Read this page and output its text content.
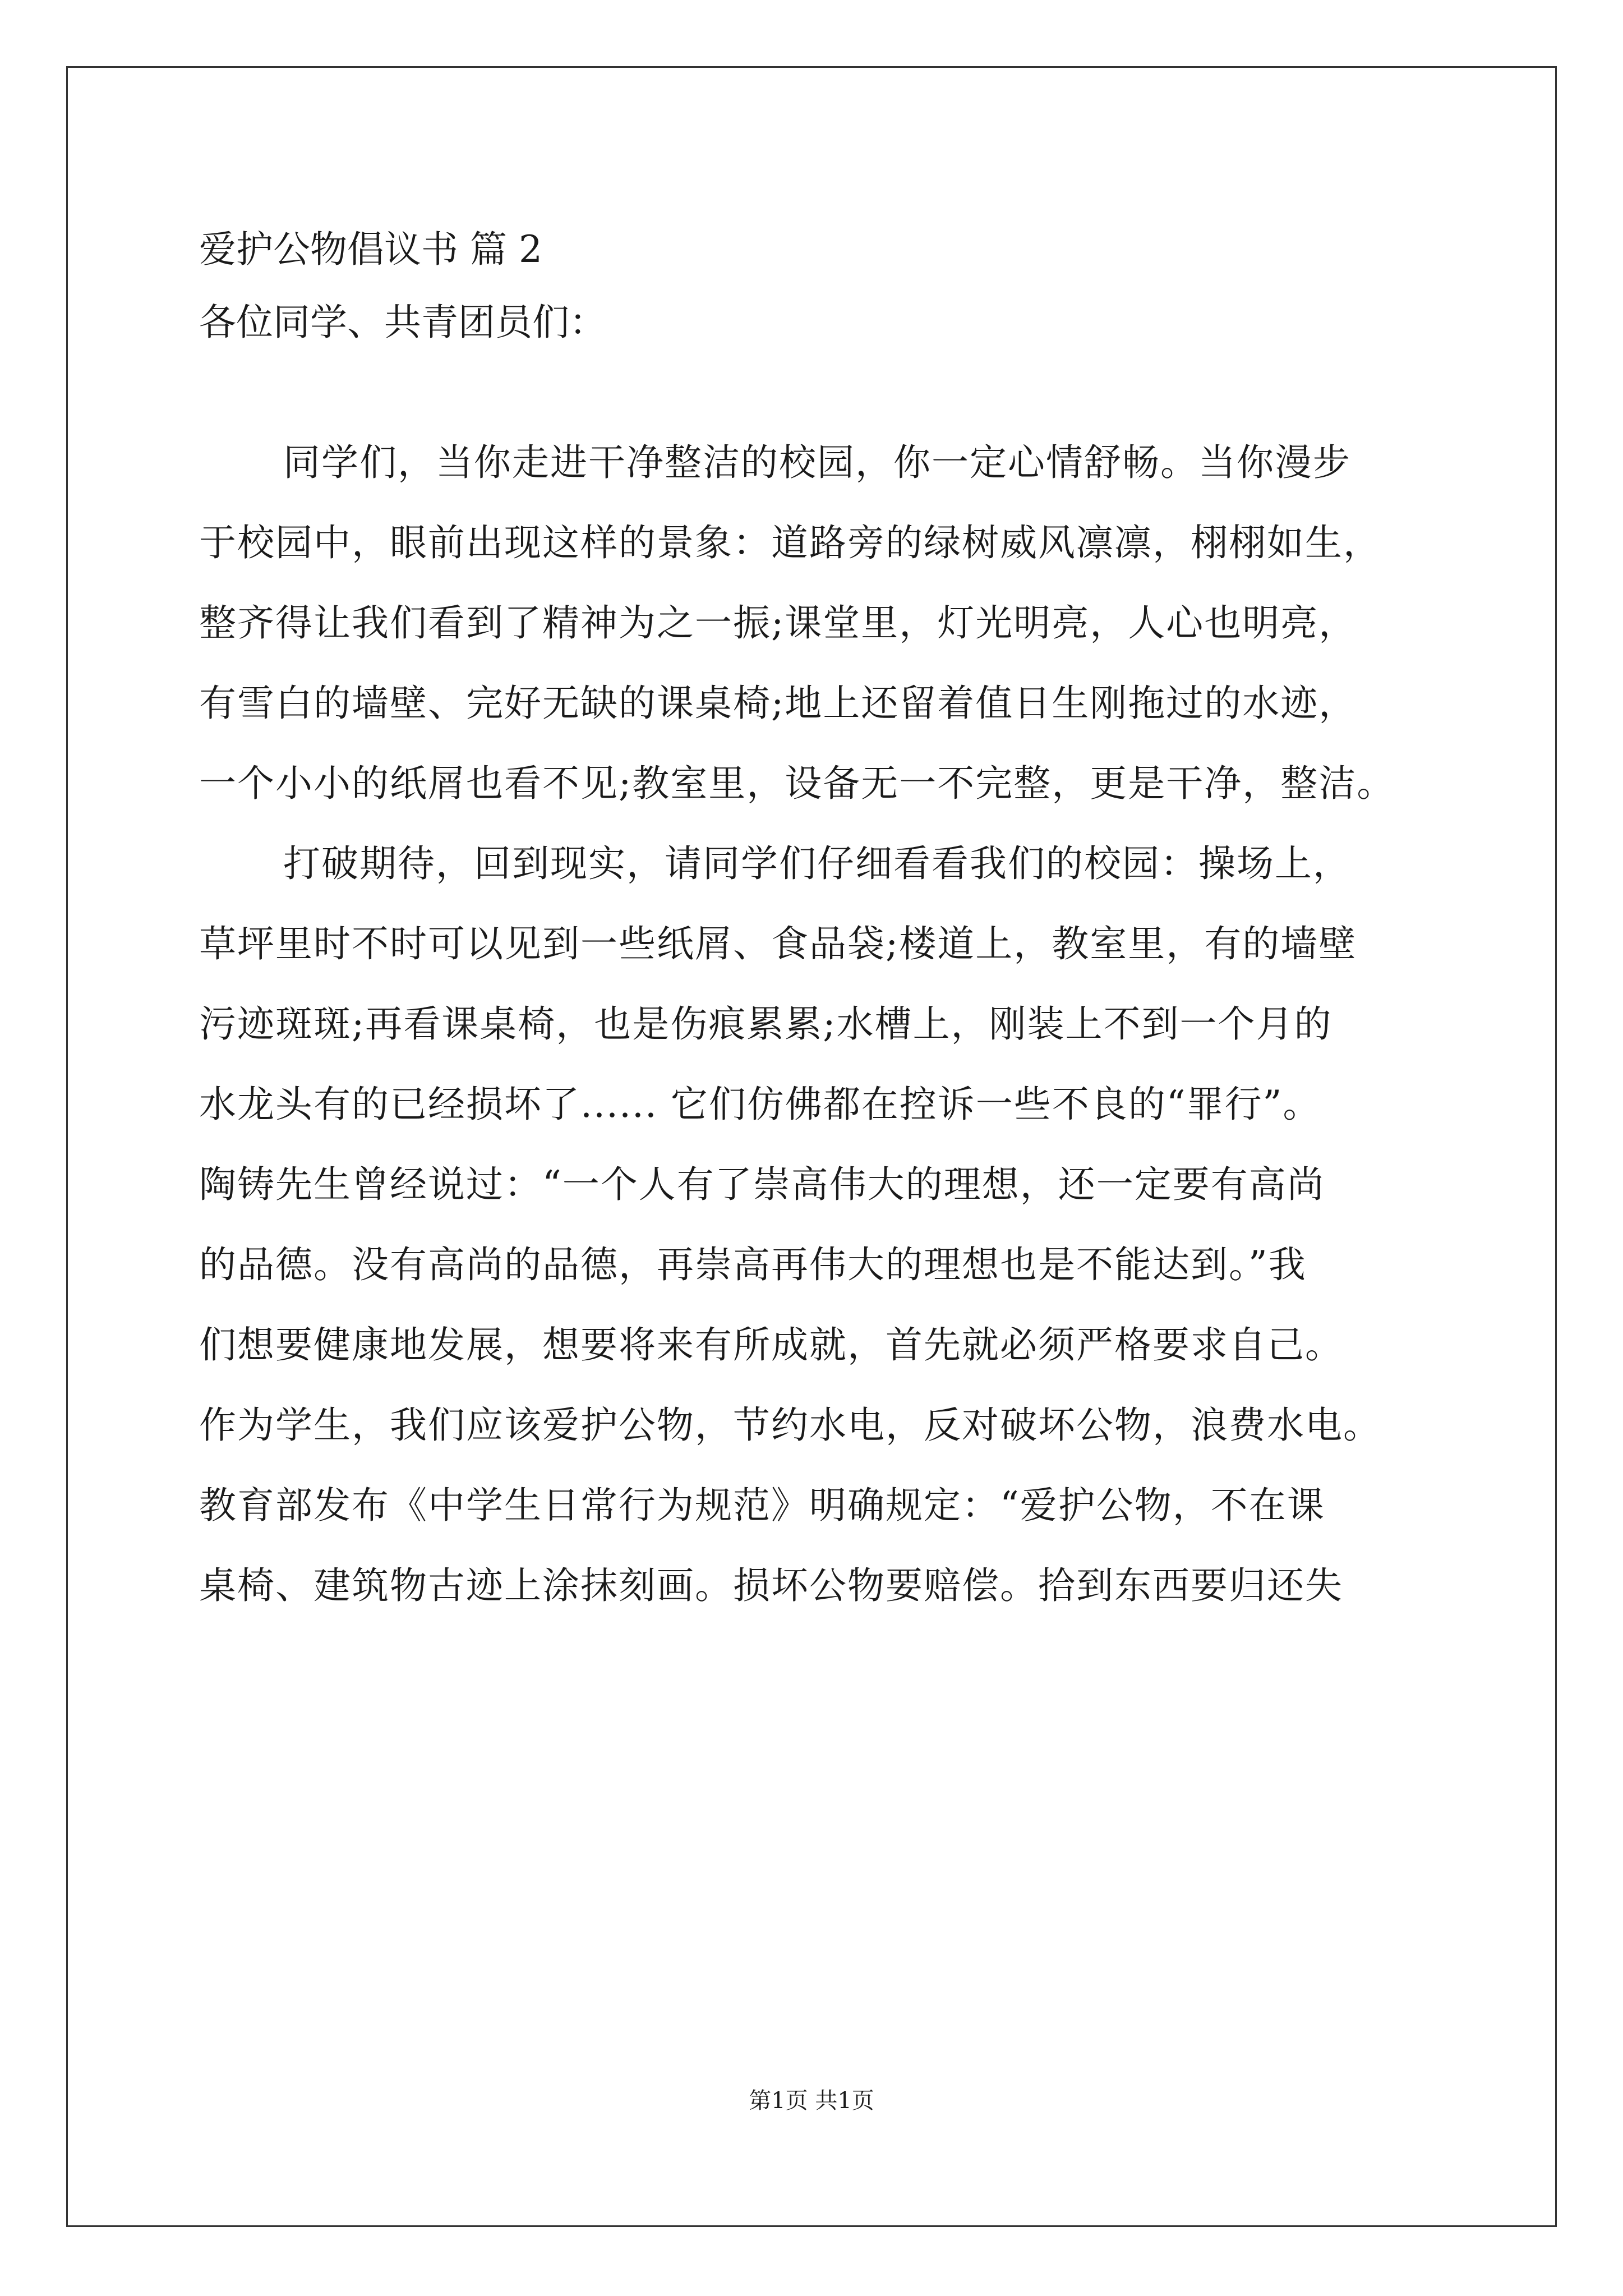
爱护公物倡议书 篇 2
各位同学、共青团员们：
同学们，当你走进干净整洁的校园，你一定心情舒畅。当你漫步
于校园中，眼前出现这样的景象：道路旁的绿树威风凛凛，栩栩如生，
整齐得让我们看到了精神为之一振;课堂里，灯光明亮，人心也明亮，
有雪白的墙壁、完好无缺的课桌椅;地上还留着值日生刚拖过的水迹，
一个小小的纸屑也看不见;教室里，设备无一不完整，更是干净，整洁。
打破期待，回到现实，请同学们仔细看看我们的校园：操场上，
草坪里时不时可以见到一些纸屑、食品袋;楼道上，教室里，有的墙壁
污迹斑斑;再看课桌椅，也是伤痕累累;水槽上，刚装上不到一个月的
水龙头有的已经损坏了...... 它们仿佛都在控诉一些不良的“罪行”。
陶铸先生曾经说过：“一个人有了崇高伟大的理想，还一定要有高尚
的品德。没有高尚的品德，再崇高再伟大的理想也是不能达到。”我
们想要健康地发展，想要将来有所成就，首先就必须严格要求自己。
作为学生，我们应该爱护公物，节约水电，反对破坏公物，浪费水电。
教育部发布《中学生日常行为规范》明确规定：“爱护公物，不在课
桌椅、建筑物古迹上涂抹刻画。损坏公物要赔偿。拾到东西要归还失
第1页 共1页
